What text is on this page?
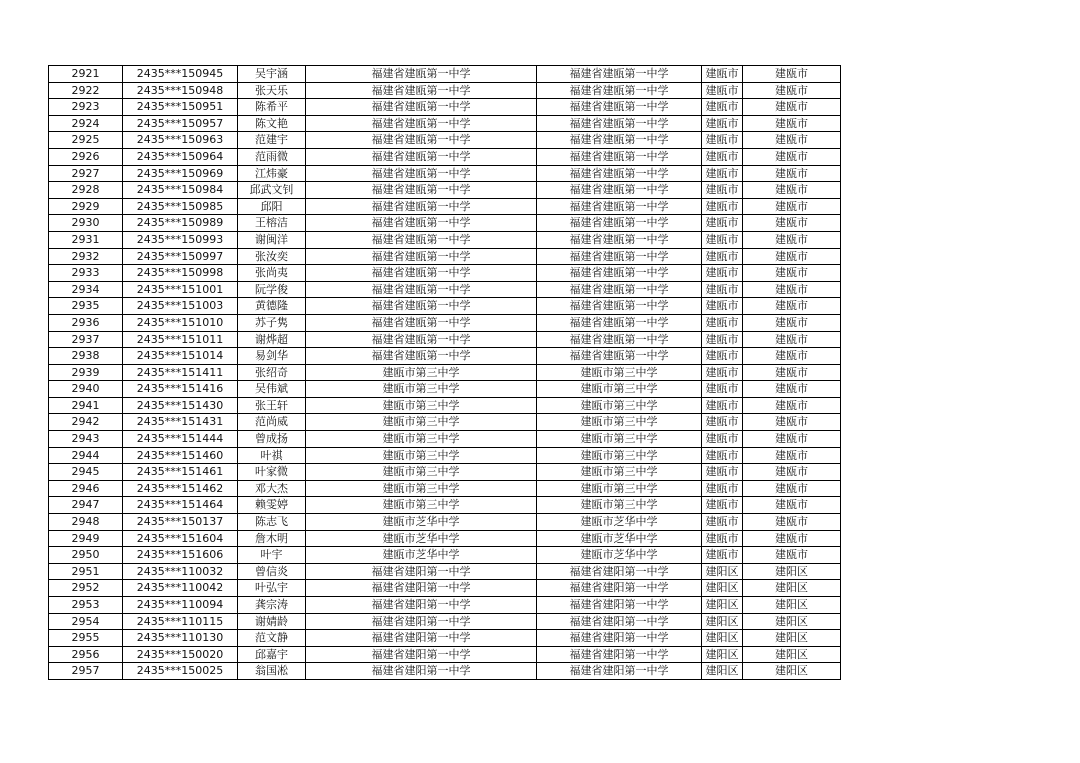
2921	2435***150945	吴宇涵	福建省建瓯第一中学	福建省建瓯第一中学	建瓯市	建瓯市
2922	2435***150948	张天乐	福建省建瓯第一中学	福建省建瓯第一中学	建瓯市	建瓯市
2923	2435***150951	陈希平	福建省建瓯第一中学	福建省建瓯第一中学	建瓯市	建瓯市
2924	2435***150957	陈文艳	福建省建瓯第一中学	福建省建瓯第一中学	建瓯市	建瓯市
2925	2435***150963	范建宇	福建省建瓯第一中学	福建省建瓯第一中学	建瓯市	建瓯市
2926	2435***150964	范雨微	福建省建瓯第一中学	福建省建瓯第一中学	建瓯市	建瓯市
2927	2435***150969	江炜豪	福建省建瓯第一中学	福建省建瓯第一中学	建瓯市	建瓯市
2928	2435***150984	邱武文钊	福建省建瓯第一中学	福建省建瓯第一中学	建瓯市	建瓯市
2929	2435***150985	邱阳	福建省建瓯第一中学	福建省建瓯第一中学	建瓯市	建瓯市
2930	2435***150989	王榕洁	福建省建瓯第一中学	福建省建瓯第一中学	建瓯市	建瓯市
2931	2435***150993	谢闽洋	福建省建瓯第一中学	福建省建瓯第一中学	建瓯市	建瓯市
2932	2435***150997	张汝奕	福建省建瓯第一中学	福建省建瓯第一中学	建瓯市	建瓯市
2933	2435***150998	张尚夷	福建省建瓯第一中学	福建省建瓯第一中学	建瓯市	建瓯市
2934	2435***151001	阮学俊	福建省建瓯第一中学	福建省建瓯第一中学	建瓯市	建瓯市
2935	2435***151003	黄德隆	福建省建瓯第一中学	福建省建瓯第一中学	建瓯市	建瓯市
2936	2435***151010	苏子隽	福建省建瓯第一中学	福建省建瓯第一中学	建瓯市	建瓯市
2937	2435***151011	谢烨超	福建省建瓯第一中学	福建省建瓯第一中学	建瓯市	建瓯市
2938	2435***151014	易剑华	福建省建瓯第一中学	福建省建瓯第一中学	建瓯市	建瓯市
2939	2435***151411	张绍奇	建瓯市第三中学	建瓯市第三中学	建瓯市	建瓯市
2940	2435***151416	吴伟斌	建瓯市第三中学	建瓯市第三中学	建瓯市	建瓯市
2941	2435***151430	张王轩	建瓯市第三中学	建瓯市第三中学	建瓯市	建瓯市
2942	2435***151431	范尚威	建瓯市第三中学	建瓯市第三中学	建瓯市	建瓯市
2943	2435***151444	曾成扬	建瓯市第三中学	建瓯市第三中学	建瓯市	建瓯市
2944	2435***151460	叶祺	建瓯市第三中学	建瓯市第三中学	建瓯市	建瓯市
2945	2435***151461	叶家微	建瓯市第三中学	建瓯市第三中学	建瓯市	建瓯市
2946	2435***151462	邓大杰	建瓯市第三中学	建瓯市第三中学	建瓯市	建瓯市
2947	2435***151464	赖雯婷	建瓯市第三中学	建瓯市第三中学	建瓯市	建瓯市
2948	2435***150137	陈志飞	建瓯市芝华中学	建瓯市芝华中学	建瓯市	建瓯市
2949	2435***151604	詹木明	建瓯市芝华中学	建瓯市芝华中学	建瓯市	建瓯市
2950	2435***151606	叶宇	建瓯市芝华中学	建瓯市芝华中学	建瓯市	建瓯市
2951	2435***110032	曾信炎	福建省建阳第一中学	福建省建阳第一中学	建阳区	建阳区
2952	2435***110042	叶弘宇	福建省建阳第一中学	福建省建阳第一中学	建阳区	建阳区
2953	2435***110094	龚宗涛	福建省建阳第一中学	福建省建阳第一中学	建阳区	建阳区
2954	2435***110115	谢婧龄	福建省建阳第一中学	福建省建阳第一中学	建阳区	建阳区
2955	2435***110130	范文静	福建省建阳第一中学	福建省建阳第一中学	建阳区	建阳区
2956	2435***150020	邱嘉宇	福建省建阳第一中学	福建省建阳第一中学	建阳区	建阳区
2957	2435***150025	翁国凇	福建省建阳第一中学	福建省建阳第一中学	建阳区	建阳区
